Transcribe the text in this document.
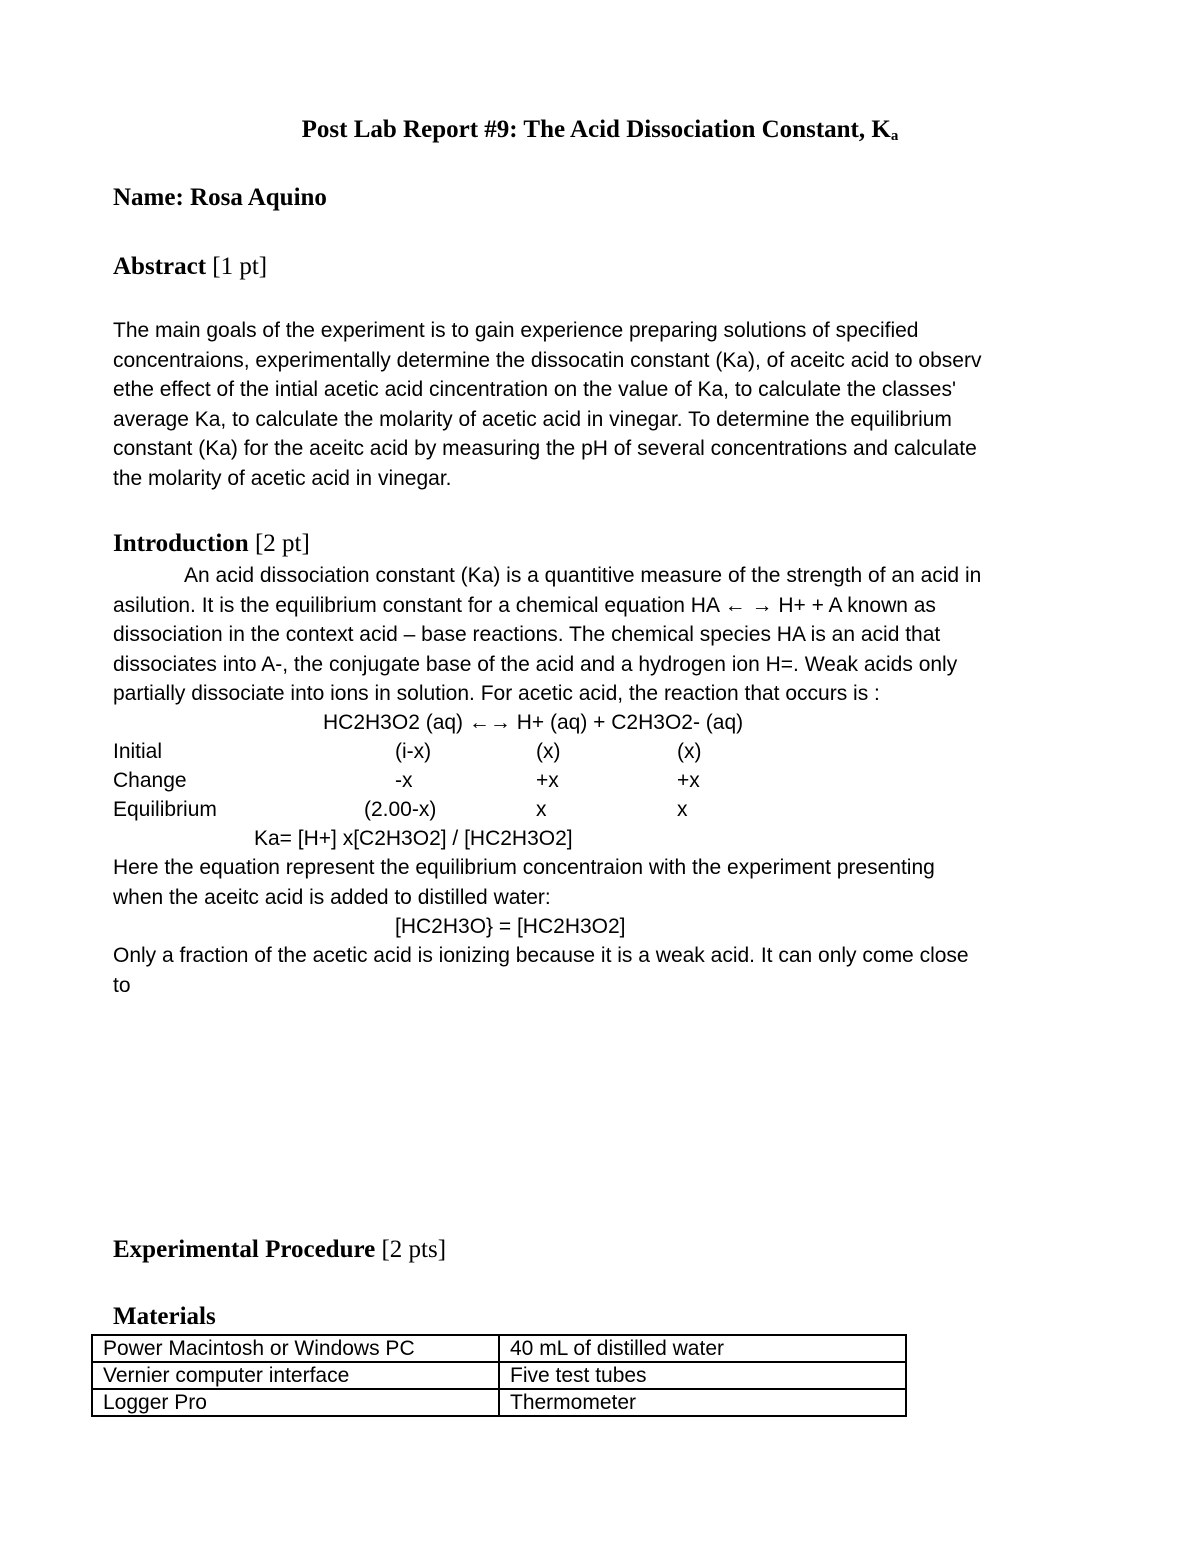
Post Lab Report #9: The Acid Dissociation Constant, $K_a$
Name: Rosa Aquino
Abstract [1 pt]
The main goals of the experiment is to gain experience preparing solutions of specified
concentraions, experimentally determine the dissocatin constant (Ka), of aceitc acid to observ
ethe effect of the intial acetic acid cincentration on the value of Ka, to calculate the classes'
average Ka, to calculate the molarity of acetic acid in vinegar. To determine the equilibrium
constant (Ka) for the aceitc acid by measuring the pH of several concentrations and calculate
the molarity of acetic acid in vinegar.
Introduction [2 pt]
An acid dissociation constant (Ka) is a quantitive measure of the strength of an acid in
asilution. It is the equilibrium constant for a chemical equation HA ← → H+ + A known as
dissociation in the context acid – base reactions. The chemical species HA is an acid that
dissociates into A-, the conjugate base of the acid and a hydrogen ion H=. Weak acids only
partially dissociate into ions in solution. For acetic acid, the reaction that occurs is :
HC2H3O2 (aq) ←→ H+ (aq) + C2H3O2- (aq)
Initial	(i-x)	(x)	(x)
Change	-x	+x	+x
Equilibrium	(2.00-x)	x	x
Ka= [H+] x[C2H3O2] / [HC2H3O2]
Here the equation represent the equilibrium concentraion with the experiment presenting
when the aceitc acid is added to distilled water:
[HC2H3O} = [HC2H3O2]
Only a fraction of the acetic acid is ionizing because it is a weak acid. It can only come close
to
Experimental Procedure [2 pts]
Materials
Power Macintosh or Windows PC	40 mL of distilled water
Vernier computer interface	Five test tubes
Logger Pro	Thermometer
